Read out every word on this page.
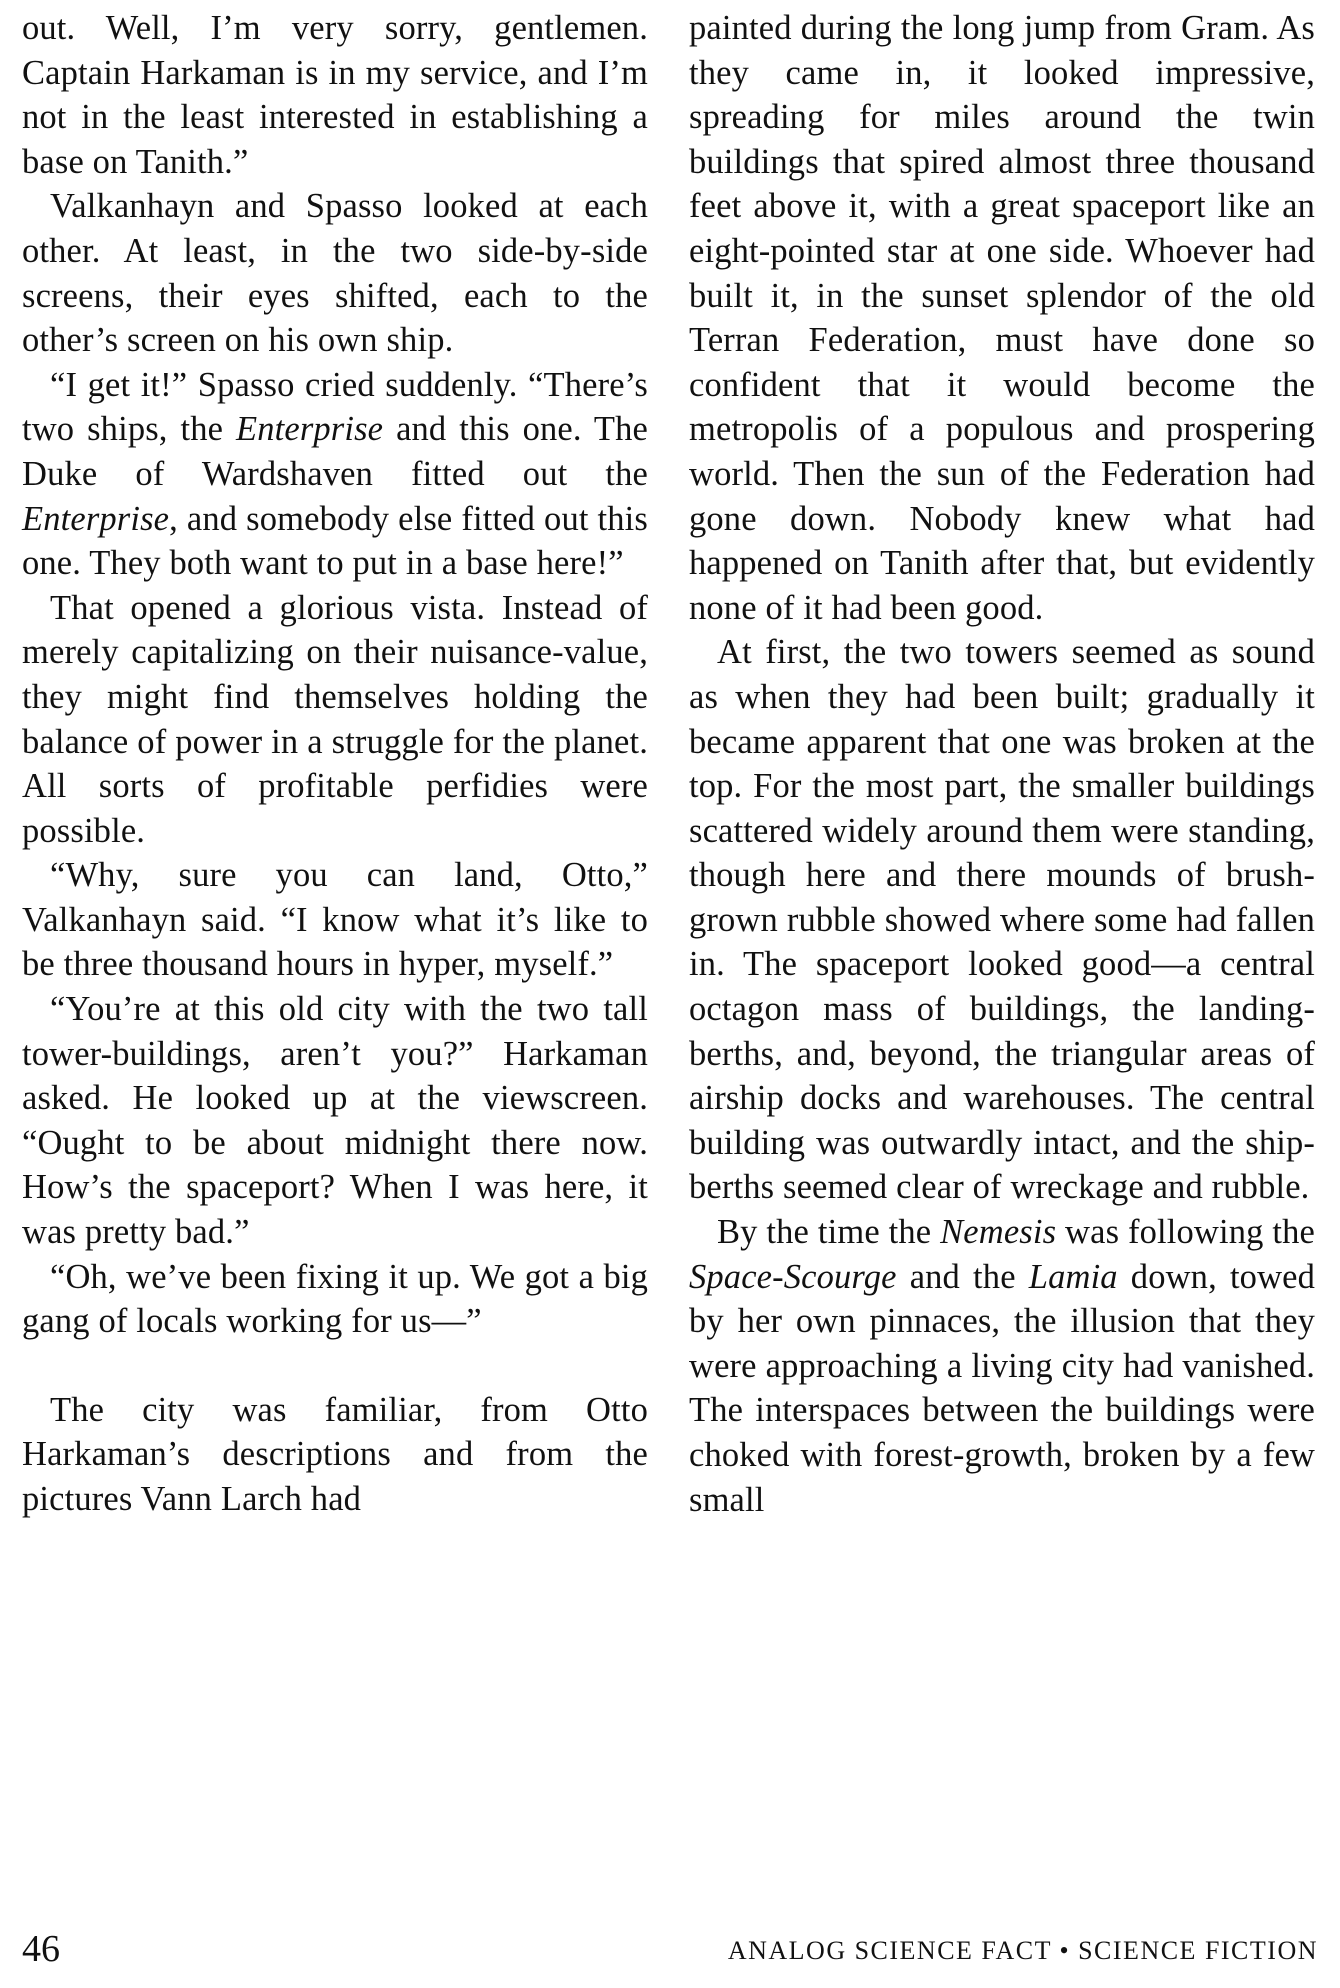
out. Well, I’m very sorry, gentlemen. Captain Harkaman is in my service, and I’m not in the least interested in establishing a base on Tanith.”

Valkanhayn and Spasso looked at each other. At least, in the two side-by-side screens, their eyes shifted, each to the other’s screen on his own ship.

“I get it!” Spasso cried suddenly. “There’s two ships, the Enterprise and this one. The Duke of Wardshaven fitted out the Enterprise, and somebody else fitted out this one. They both want to put in a base here!”

That opened a glorious vista. Instead of merely capitalizing on their nuisance-value, they might find themselves holding the balance of power in a struggle for the planet. All sorts of profitable perfidies were possible.

“Why, sure you can land, Otto,” Valkanhayn said. “I know what it’s like to be three thousand hours in hyper, myself.”

“You’re at this old city with the two tall tower-buildings, aren’t you?” Harkaman asked. He looked up at the viewscreen. “Ought to be about midnight there now. How’s the spaceport? When I was here, it was pretty bad.”

“Oh, we’ve been fixing it up. We got a big gang of locals working for us—”

The city was familiar, from Otto Harkaman’s descriptions and from the pictures Vann Larch had

painted during the long jump from Gram. As they came in, it looked impressive, spreading for miles around the twin buildings that spired almost three thousand feet above it, with a great spaceport like an eight-pointed star at one side. Whoever had built it, in the sunset splendor of the old Terran Federation, must have done so confident that it would become the metropolis of a populous and prospering world. Then the sun of the Federation had gone down. Nobody knew what had happened on Tanith after that, but evidently none of it had been good.

At first, the two towers seemed as sound as when they had been built; gradually it became apparent that one was broken at the top. For the most part, the smaller buildings scattered widely around them were standing, though here and there mounds of brush-grown rubble showed where some had fallen in. The spaceport looked good—a central octagon mass of buildings, the landing-berths, and, beyond, the triangular areas of airship docks and warehouses. The central building was outwardly intact, and the ship-berths seemed clear of wreckage and rubble.

By the time the Nemesis was following the Space-Scourge and the Lamia down, towed by her own pinnaces, the illusion that they were approaching a living city had vanished. The interspaces between the buildings were choked with forest-growth, broken by a few small

46	ANALOG SCIENCE FACT • SCIENCE FICTION
